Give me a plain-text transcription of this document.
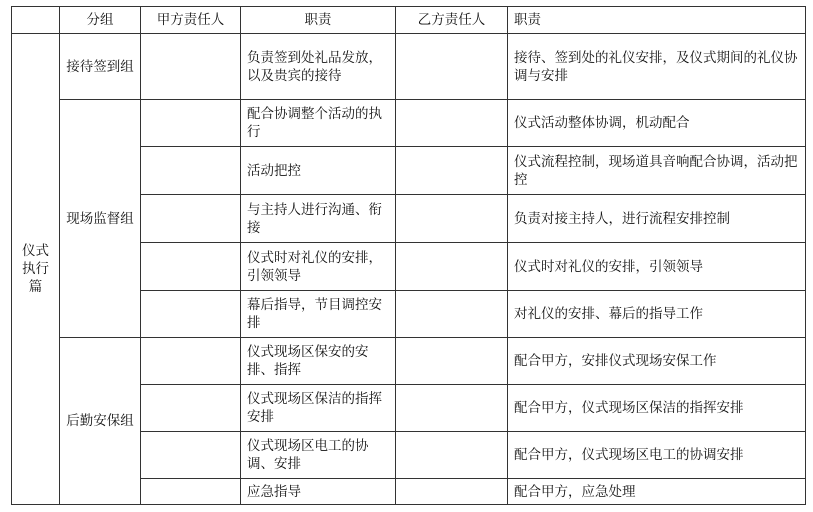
	分组	甲方责任人	职责	乙方责任人	职责
仪式执行篇	接待签到组		负责签到处礼品发放，以及贵宾的接待		接待、签到处的礼仪安排，及仪式期间的礼仪协调与安排
	现场监督组		配合协调整个活动的执行		仪式活动整体协调，机动配合
			活动把控		仪式流程控制，现场道具音响配合协调，活动把控
			与主持人进行沟通、衔接		负责对接主持人，进行流程安排控制
			仪式时对礼仪的安排，引领领导		仪式时对礼仪的安排，引领领导
			幕后指导，节目调控安排		对礼仪的安排、幕后的指导工作
	后勤安保组		仪式现场区保安的安排、指挥		配合甲方，安排仪式现场安保工作
			仪式现场区保洁的指挥安排		配合甲方，仪式现场区保洁的指挥安排
			仪式现场区电工的协调、安排		配合甲方，仪式现场区电工的协调安排
			应急指导		配合甲方，应急处理
